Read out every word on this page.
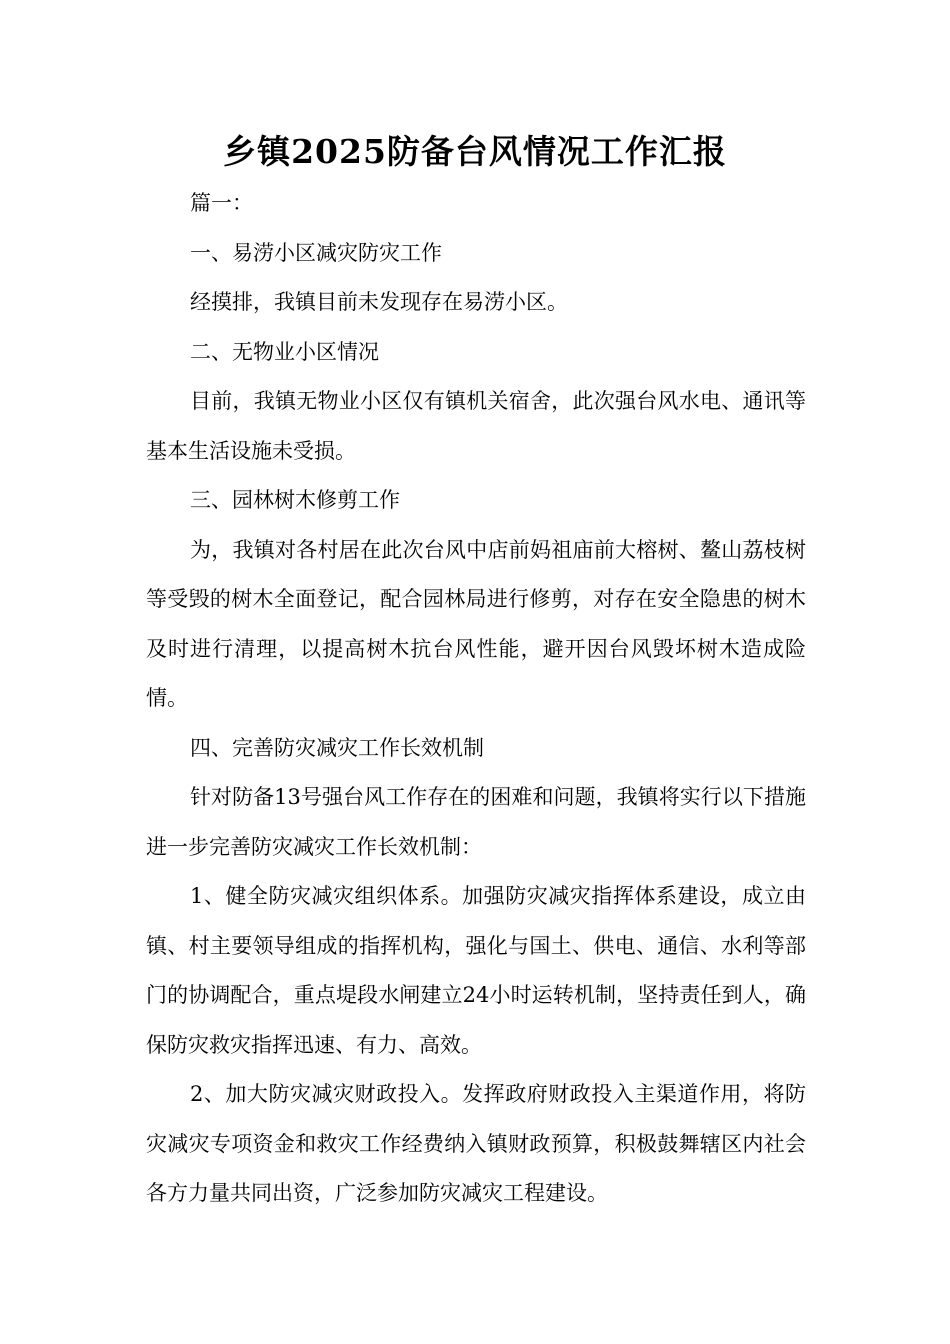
乡镇2025防备台风情况工作汇报

篇一：

一、易涝小区减灾防灾工作

经摸排，我镇目前未发现存在易涝小区。

二、无物业小区情况

目前，我镇无物业小区仅有镇机关宿舍，此次强台风水电、通讯等基本生活设施未受损。

三、园林树木修剪工作

为，我镇对各村居在此次台风中店前妈祖庙前大榕树、鳌山荔枝树等受毁的树木全面登记，配合园林局进行修剪，对存在安全隐患的树木及时进行清理，以提高树木抗台风性能，避开因台风毁坏树木造成险情。

四、完善防灾减灾工作长效机制

针对防备13号强台风工作存在的困难和问题，我镇将实行以下措施进一步完善防灾减灾工作长效机制：

1、健全防灾减灾组织体系。加强防灾减灾指挥体系建设，成立由镇、村主要领导组成的指挥机构，强化与国土、供电、通信、水利等部门的协调配合，重点堤段水闸建立24小时运转机制，坚持责任到人，确保防灾救灾指挥迅速、有力、高效。

2、加大防灾减灾财政投入。发挥政府财政投入主渠道作用，将防灾减灾专项资金和救灾工作经费纳入镇财政预算，积极鼓舞辖区内社会各方力量共同出资，广泛参加防灾减灾工程建设。
